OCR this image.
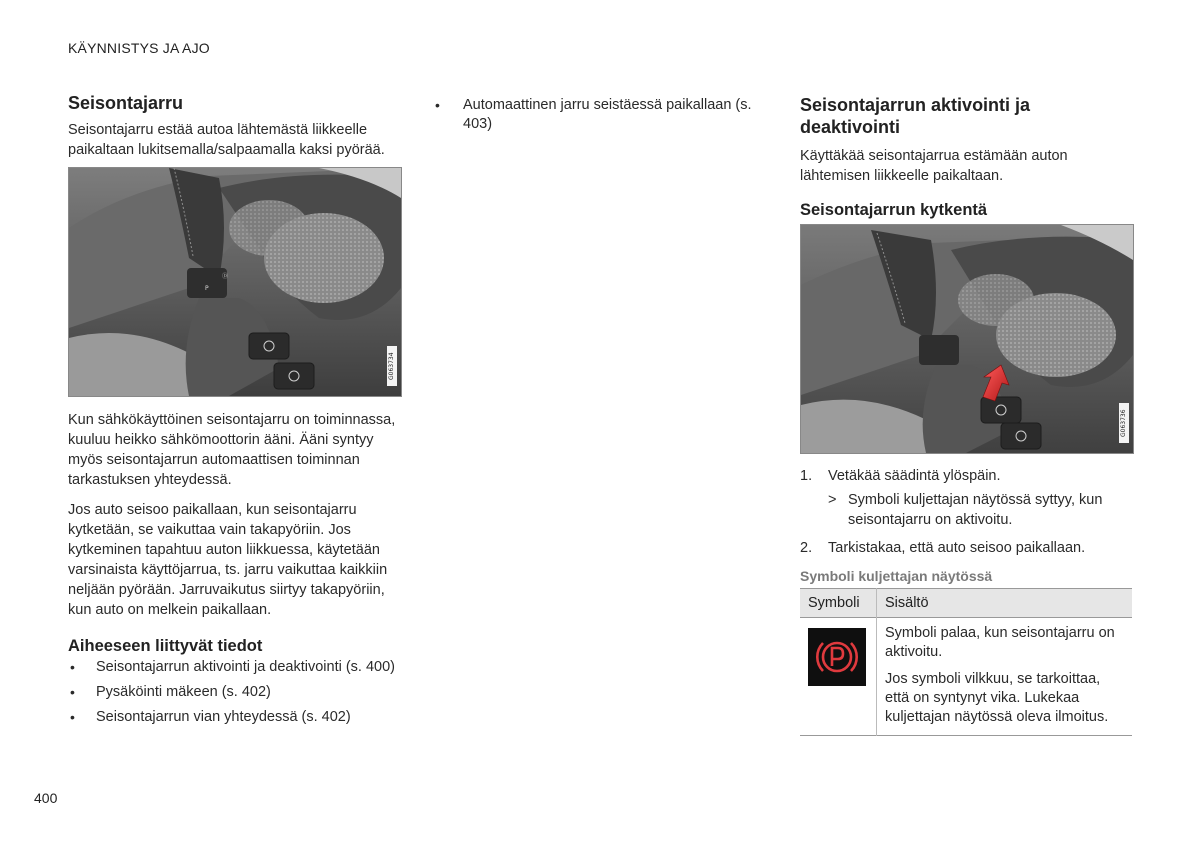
KÄYNNISTYS JA AJO
Seisontajarru

Seisontajarru estää autoa lähtemästä liikkeelle paikaltaan lukitsemalla/salpaamalla kaksi pyörää.

Ⓓ
P
G063734

Kun sähkökäyttöinen seisontajarru on toiminnassa, kuuluu heikko sähkömoottorin ääni. Ääni syntyy myös seisontajarrun automaattisen toiminnan tarkastuksen yhteydessä.

Jos auto seisoo paikallaan, kun seisontajarru kytketään, se vaikuttaa vain takapyöriin. Jos kytkeminen tapahtuu auton liikkuessa, käytetään varsinaista käyttöjarrua, ts. jarru vaikuttaa kaikkiin neljään pyörään. Jarruvaikutus siirtyy takapyöriin, kun auto on melkein paikallaan.

Aiheeseen liittyvät tiedot
• Seisontajarrun aktivointi ja deaktivointi (s. 400)
• Pysäköinti mäkeen (s. 402)
• Seisontajarrun vian yhteydessä (s. 402)
• Automaattinen jarru seistäessä paikallaan (s. 403)
Seisontajarrun aktivointi ja deaktivointi

Käyttäkää seisontajarrua estämään auton lähtemisen liikkeelle paikaltaan.

Seisontajarrun kytkentä
G063736
1. Vetäkää säädintä ylöspäin.
> Symboli kuljettajan näytössä syttyy, kun seisontajarru on aktivoitu.
2. Tarkistakaa, että auto seisoo paikallaan.
Symboli kuljettajan näytössä
Symboli	Sisältö

Symboli palaa, kun seisontajarru on aktivoitu.

Jos symboli vilkkuu, se tarkoittaa, että on syntynyt vika. Lukekaa kuljettajan näytössä oleva ilmoitus.

400
